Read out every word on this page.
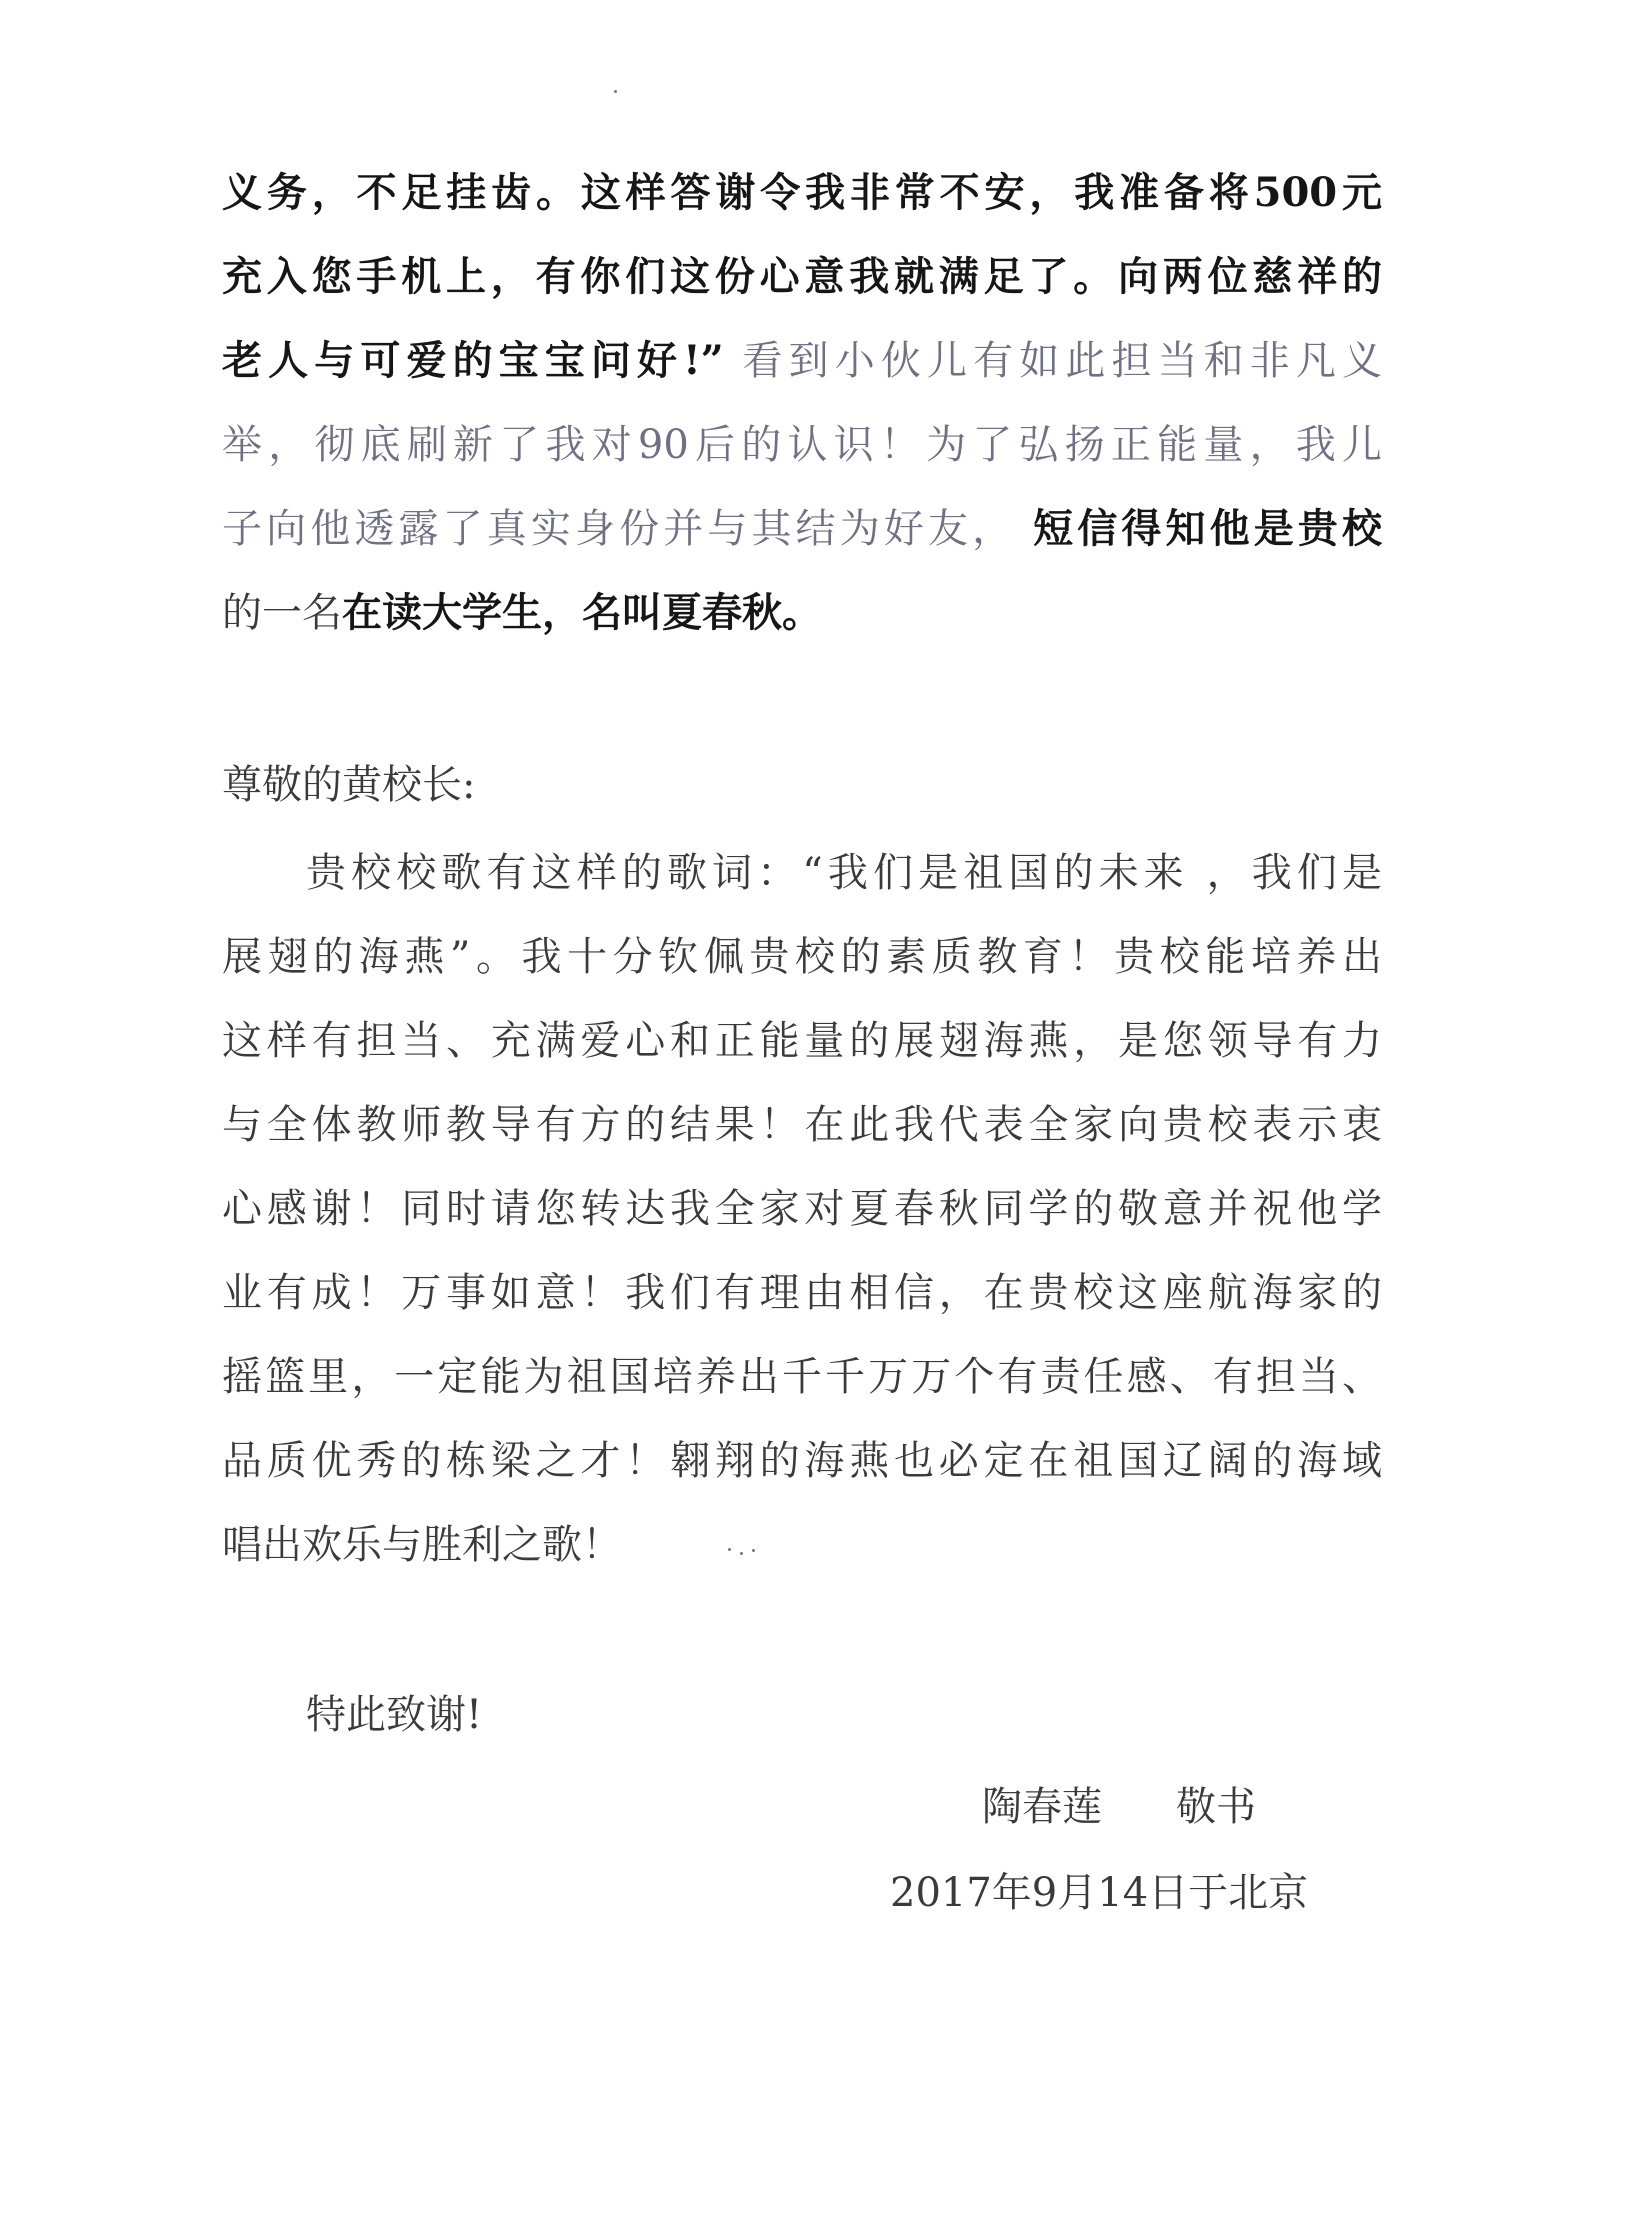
义务，不足挂齿。这样答谢令我非常不安，我准备将500元
充入您手机上，有你们这份心意我就满足了。向两位慈祥的
老人与可爱的宝宝问好!” 看到小伙儿有如此担当和非凡义
举，彻底刷新了我对90后的认识！为了弘扬正能量，我儿
子向他透露了真实身份并与其结为好友， 短信得知他是贵校
的一名在读大学生，名叫夏春秋。
尊敬的黄校长:
贵校校歌有这样的歌词：“我们是祖国的未来 ，我们是
展翅的海燕”。我十分钦佩贵校的素质教育！贵校能培养出
这样有担当、充满爱心和正能量的展翅海燕，是您领导有力
与全体教师教导有方的结果！在此我代表全家向贵校表示衷
心感谢！同时请您转达我全家对夏春秋同学的敬意并祝他学
业有成！万事如意！我们有理由相信，在贵校这座航海家的
摇篮里，一定能为祖国培养出千千万万个有责任感、有担当、
品质优秀的栋梁之才！翱翔的海燕也必定在祖国辽阔的海域
唱出欢乐与胜利之歌！
特此致谢!
陶春莲 敬书
2017年9月14日于北京
